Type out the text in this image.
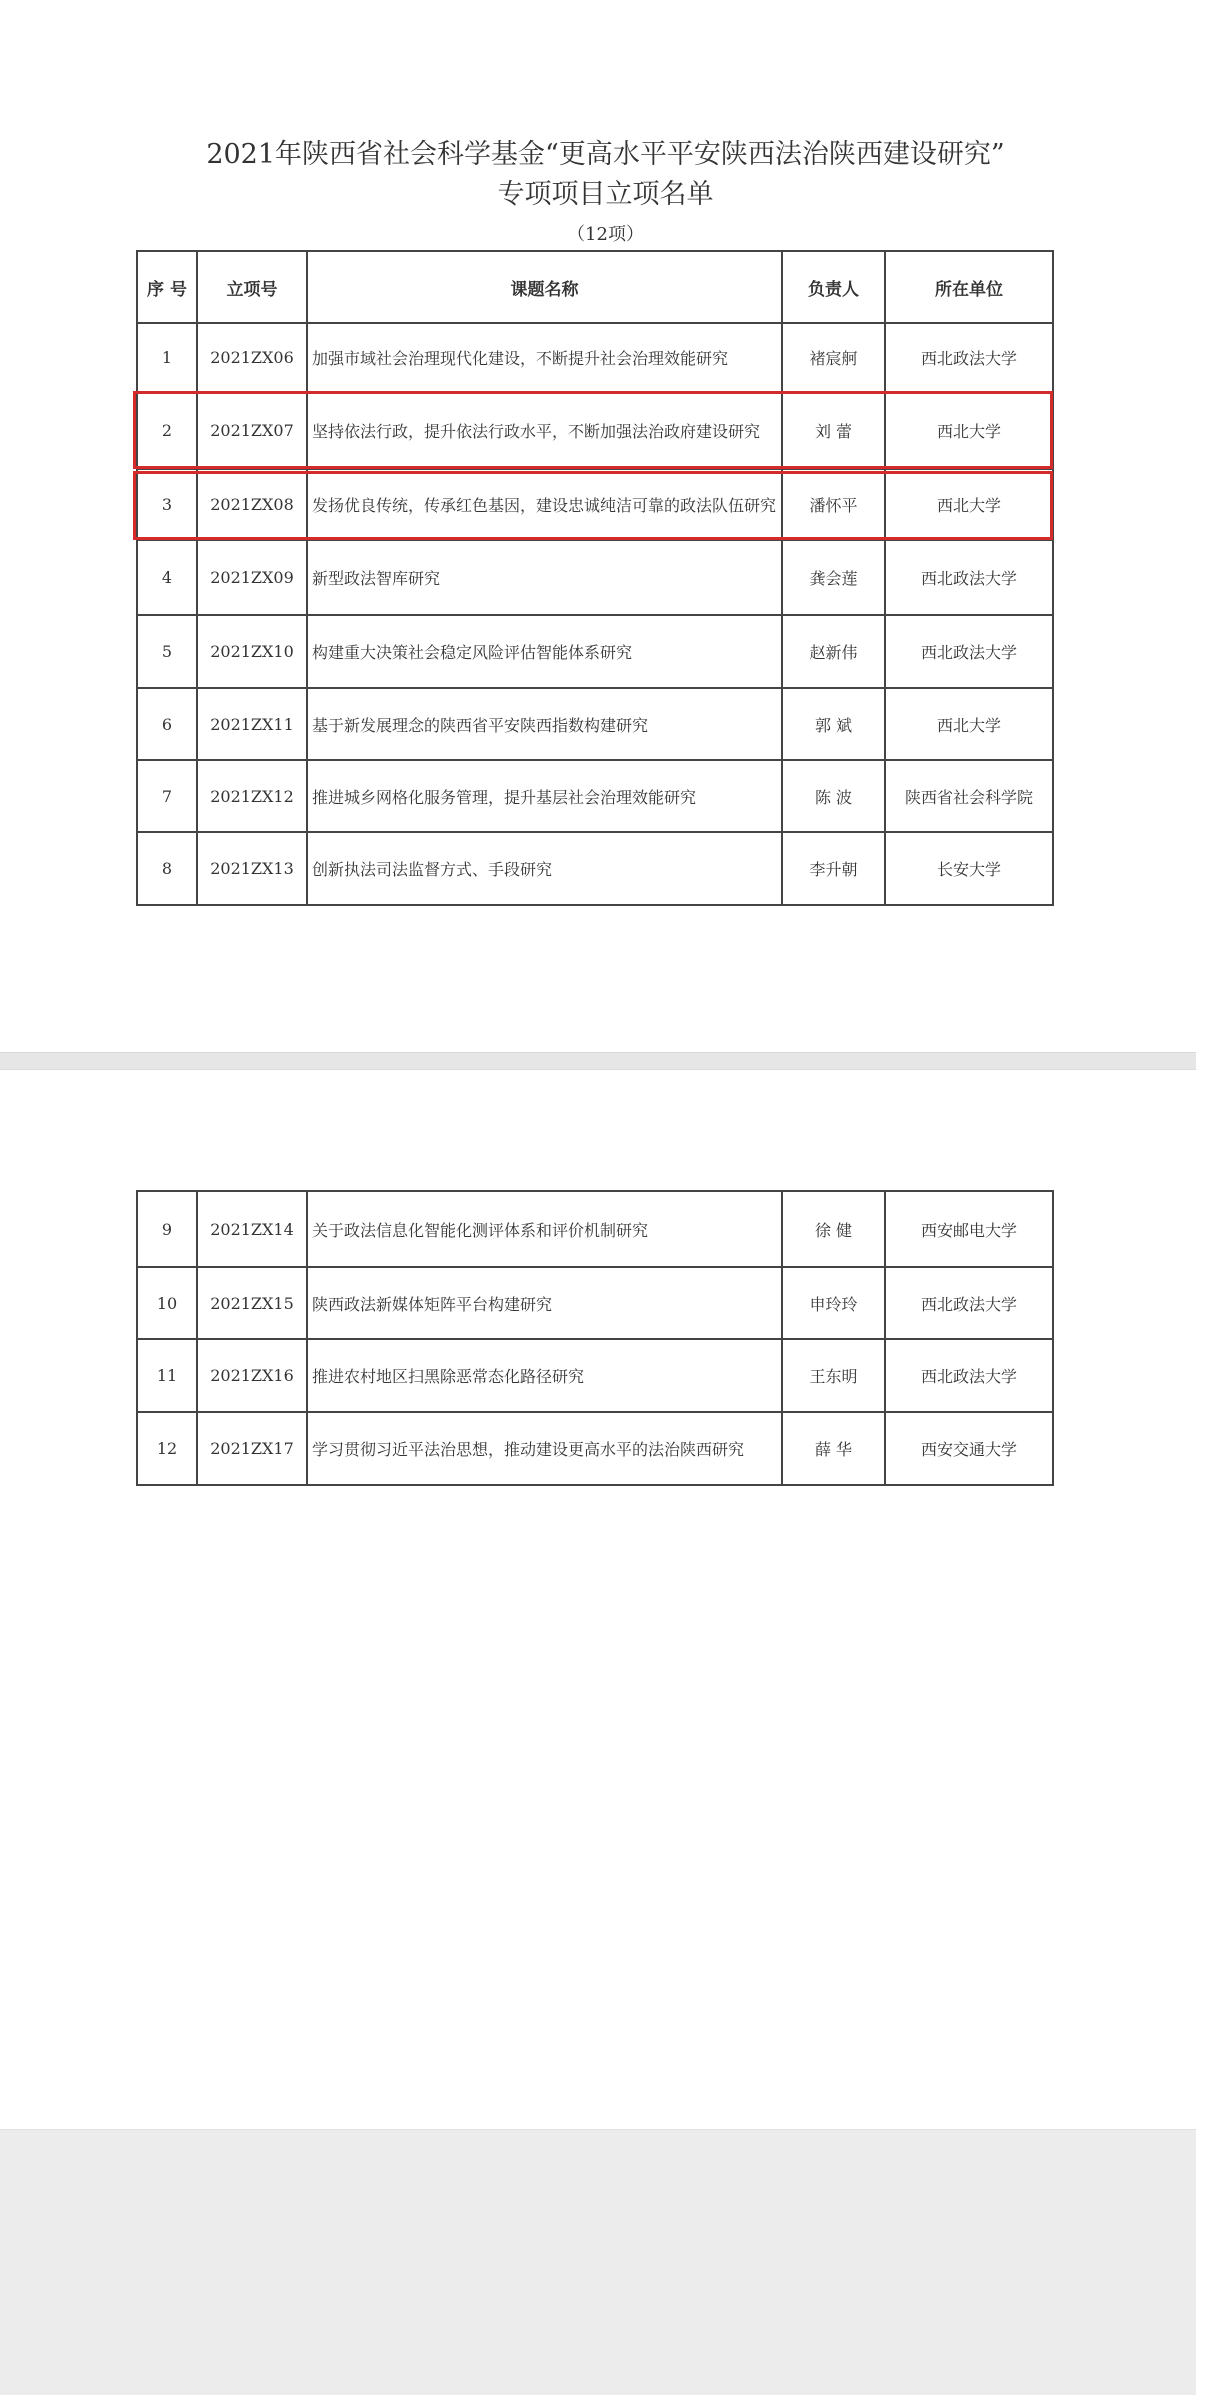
2021年陕西省社会科学基金“更高水平平安陕西法治陕西建设研究”
专项项目立项名单
（12项）
序 号	立项号	课题名称	负责人	所在单位
1	2021ZX06	加强市域社会治理现代化建设，不断提升社会治理效能研究	褚宸舸	西北政法大学
2	2021ZX07	坚持依法行政，提升依法行政水平，不断加强法治政府建设研究	刘 蕾	西北大学
3	2021ZX08	发扬优良传统，传承红色基因，建设忠诚纯洁可靠的政法队伍研究	潘怀平	西北大学
4	2021ZX09	新型政法智库研究	龚会莲	西北政法大学
5	2021ZX10	构建重大决策社会稳定风险评估智能体系研究	赵新伟	西北政法大学
6	2021ZX11	基于新发展理念的陕西省平安陕西指数构建研究	郭 斌	西北大学
7	2021ZX12	推进城乡网格化服务管理，提升基层社会治理效能研究	陈 波	陕西省社会科学院
8	2021ZX13	创新执法司法监督方式、手段研究	李升朝	长安大学
9	2021ZX14	关于政法信息化智能化测评体系和评价机制研究	徐 健	西安邮电大学
10	2021ZX15	陕西政法新媒体矩阵平台构建研究	申玲玲	西北政法大学
11	2021ZX16	推进农村地区扫黑除恶常态化路径研究	王东明	西北政法大学
12	2021ZX17	学习贯彻习近平法治思想，推动建设更高水平的法治陕西研究	薛 华	西安交通大学
